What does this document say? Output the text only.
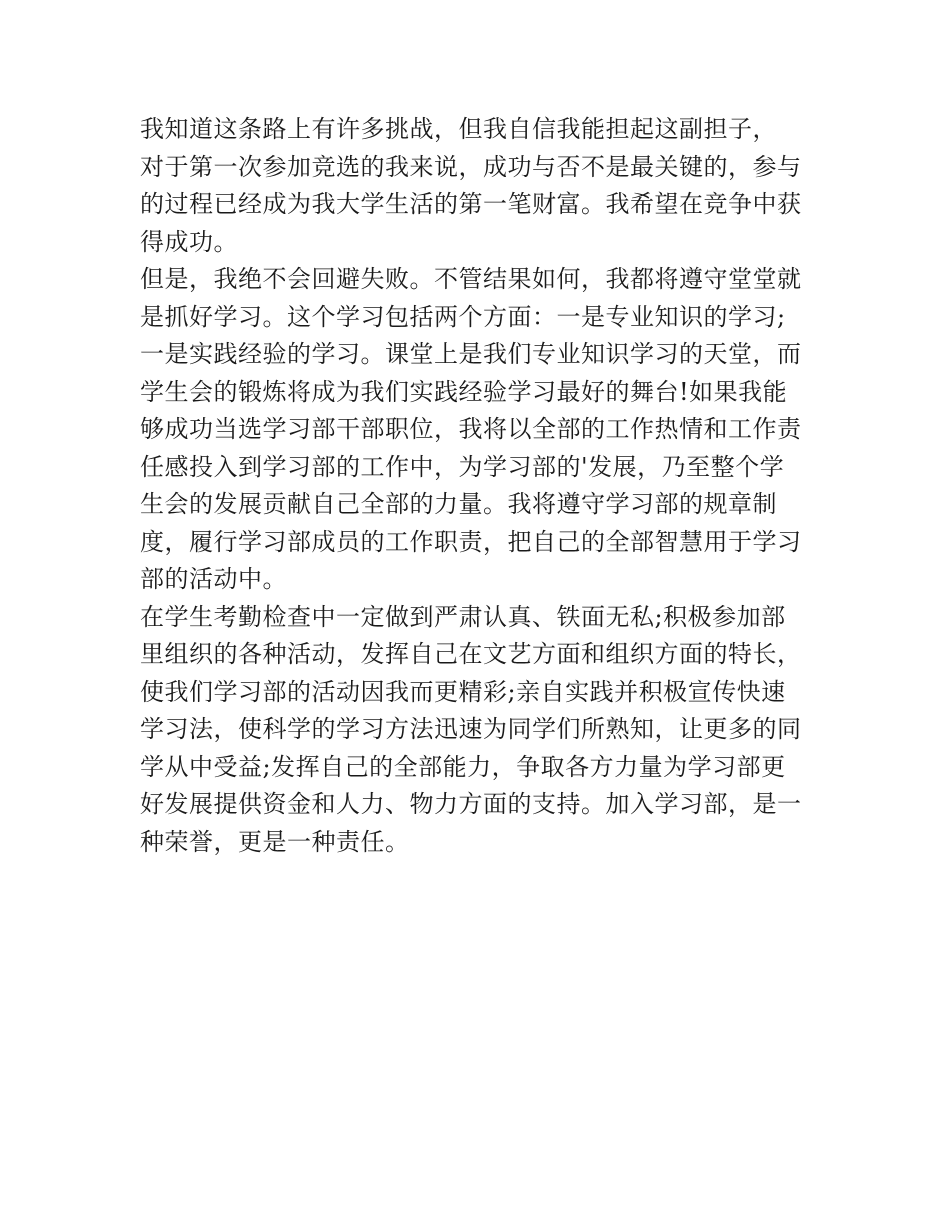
我知道这条路上有许多挑战，但我自信我能担起这副担子，
对于第一次参加竞选的我来说，成功与否不是最关键的，参与
的过程已经成为我大学生活的第一笔财富。我希望在竞争中获
得成功。
但是，我绝不会回避失败。不管结果如何，我都将遵守堂堂就
是抓好学习。这个学习包括两个方面：一是专业知识的学习;
一是实践经验的学习。课堂上是我们专业知识学习的天堂，而
学生会的锻炼将成为我们实践经验学习最好的舞台!如果我能
够成功当选学习部干部职位，我将以全部的工作热情和工作责
任感投入到学习部的工作中，为学习部的'发展，乃至整个学
生会的发展贡献自己全部的力量。我将遵守学习部的规章制
度，履行学习部成员的工作职责，把自己的全部智慧用于学习
部的活动中。
在学生考勤检查中一定做到严肃认真、铁面无私;积极参加部
里组织的各种活动，发挥自己在文艺方面和组织方面的特长，
使我们学习部的活动因我而更精彩;亲自实践并积极宣传快速
学习法，使科学的学习方法迅速为同学们所熟知，让更多的同
学从中受益;发挥自己的全部能力，争取各方力量为学习部更
好发展提供资金和人力、物力方面的支持。加入学习部，是一
种荣誉，更是一种责任。
